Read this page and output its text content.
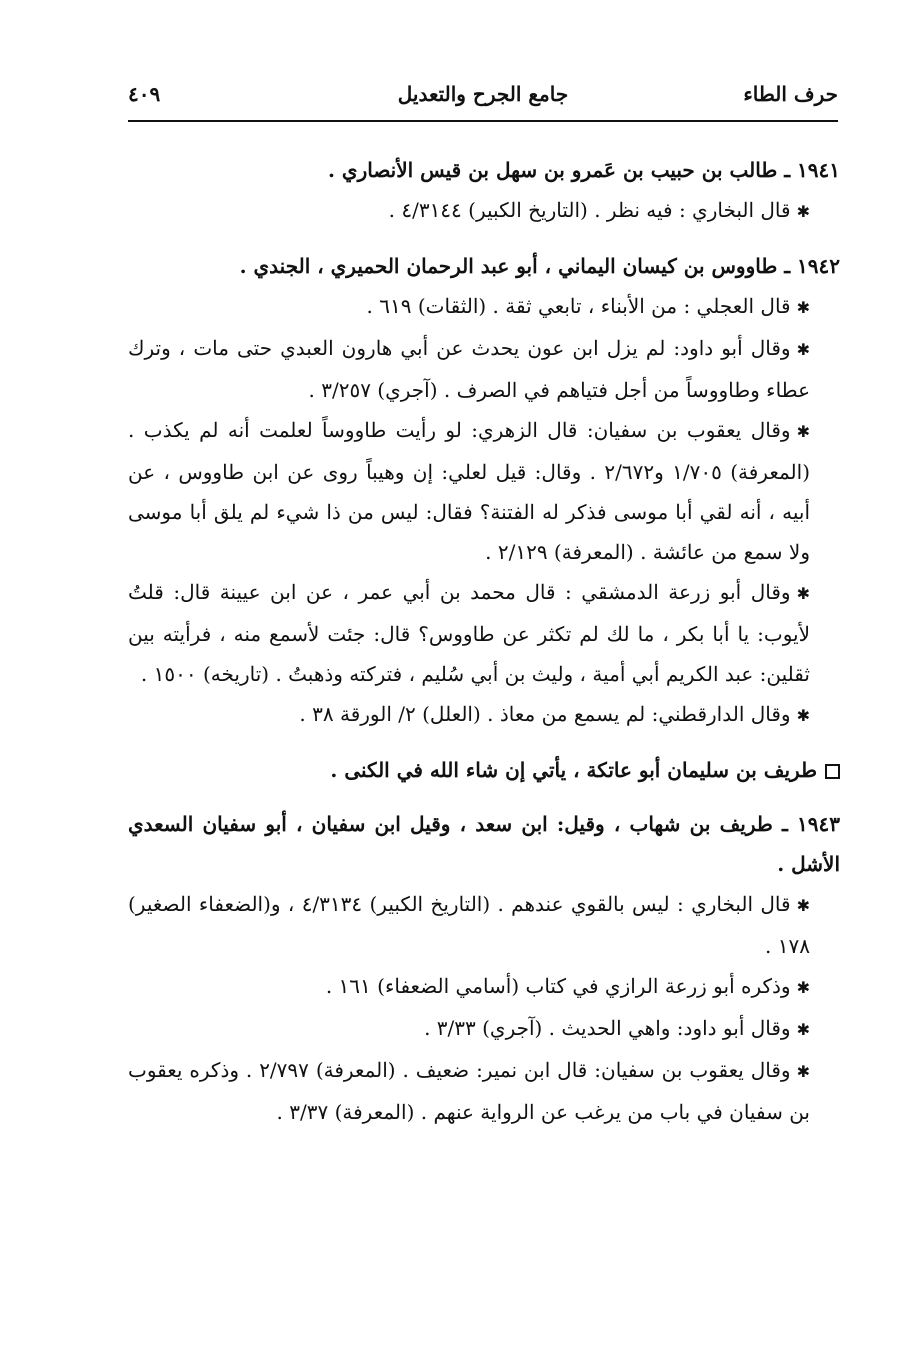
حرف الطاء
جامع الجرح والتعديل
٤٠٩
١٩٤١ ـ طالب بن حبيب بن عَمرو بن سهل بن قيس الأنصاري .
✱قال البخاري : فيه نظر . (التاريخ الكبير) ٤/٣١٤٤ .
١٩٤٢ ـ طاووس بن كيسان اليماني ، أبو عبد الرحمان الحميري ، الجندي .
✱قال العجلي : من الأبناء ، تابعي ثقة . (الثقات) ٦١٩ .
✱وقال أبو داود: لم يزل ابن عون يحدث عن أبي هارون العبدي حتى مات ، وترك عطاء وطاووساً من أجل فتياهم في الصرف . (آجري) ٣/٢٥٧ .
✱وقال يعقوب بن سفيان: قال الزهري: لو رأيت طاووساً لعلمت أنه لم يكذب . (المعرفة) ١/٧٠٥ و٢/٦٧٢ . وقال: قيل لعلي: إن وهيباً روى عن ابن طاووس ، عن أبيه ، أنه لقي أبا موسى فذكر له الفتنة؟ فقال: ليس من ذا شيء لم يلق أبا موسى ولا سمع من عائشة . (المعرفة) ٢/١٢٩ .
✱وقال أبو زرعة الدمشقي : قال محمد بن أبي عمر ، عن ابن عيينة قال: قلتُ لأيوب: يا أبا بكر ، ما لك لم تكثر عن طاووس؟ قال: جئت لأسمع منه ، فرأيته بين ثقلين: عبد الكريم أبي أمية ، وليث بن أبي سُليم ، فتركته وذهبتُ . (تاريخه) ١٥٠٠ .
✱وقال الدارقطني: لم يسمع من معاذ . (العلل) ٢/ الورقة ٣٨ .
طريف بن سليمان أبو عاتكة ، يأتي إن شاء الله في الكنى .
١٩٤٣ ـ طريف بن شهاب ، وقيل: ابن سعد ، وقيل ابن سفيان ، أبو سفيان السعدي الأشل .
✱قال البخاري : ليس بالقوي عندهم . (التاريخ الكبير) ٤/٣١٣٤ ، و(الضعفاء الصغير) ١٧٨ .
✱وذكره أبو زرعة الرازي في كتاب (أسامي الضعفاء) ١٦١ .
✱وقال أبو داود: واهي الحديث . (آجري) ٣/٣٣ .
✱وقال يعقوب بن سفيان: قال ابن نمير: ضعيف . (المعرفة) ٢/٧٩٧ . وذكره يعقوب بن سفيان في باب من يرغب عن الرواية عنهم . (المعرفة) ٣/٣٧ .
